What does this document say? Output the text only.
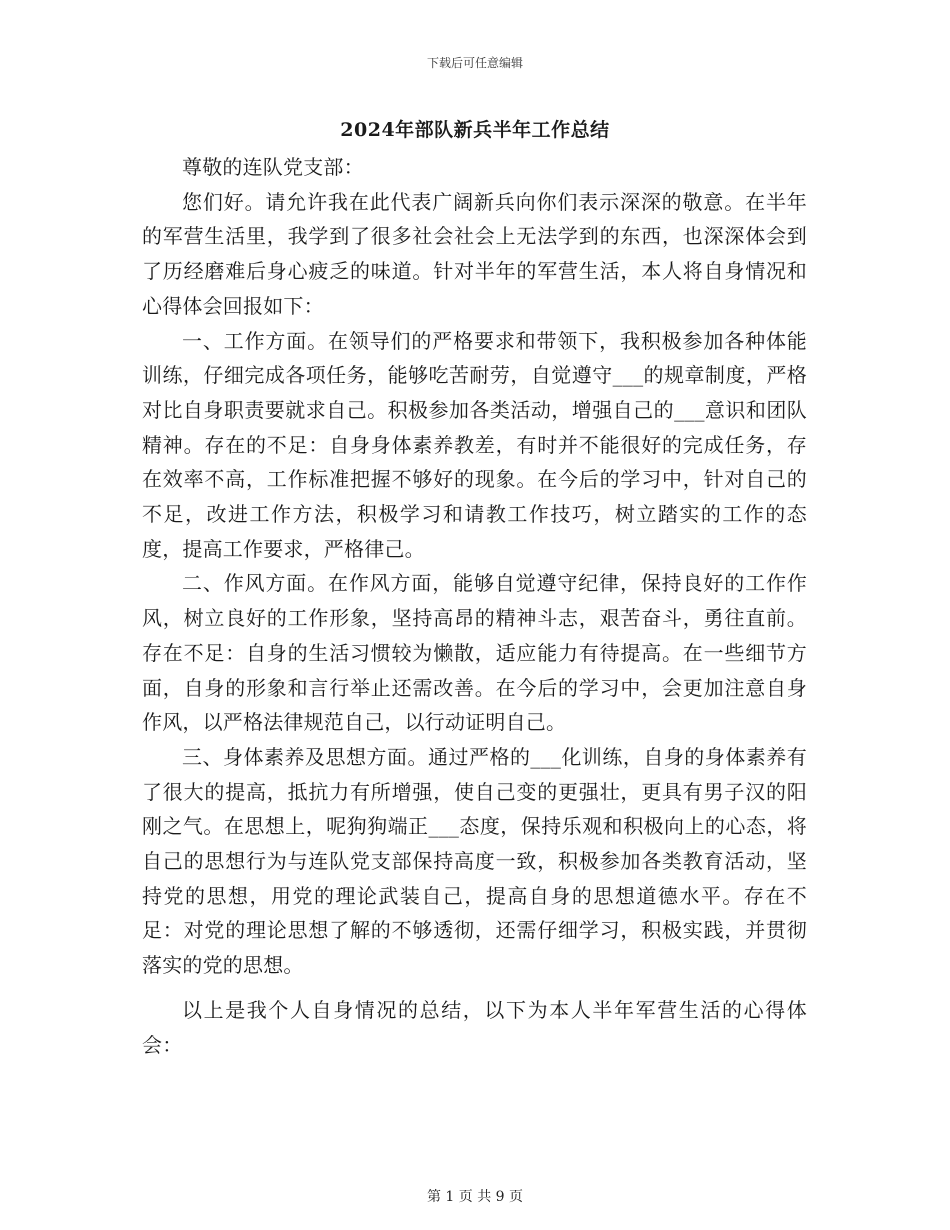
下载后可任意编辑
2024年部队新兵半年工作总结

尊敬的连队党支部：

您们好。请允许我在此代表广阔新兵向你们表示深深的敬意。在半年的军营生活里，我学到了很多社会社会上无法学到的东西，也深深体会到了历经磨难后身心疲乏的味道。针对半年的军营生活，本人将自身情况和心得体会回报如下：

一、工作方面。在领导们的严格要求和带领下，我积极参加各种体能训练，仔细完成各项任务，能够吃苦耐劳，自觉遵守___的规章制度，严格对比自身职责要就求自己。积极参加各类活动，增强自己的___意识和团队精神。存在的不足：自身身体素养教差，有时并不能很好的完成任务，存在效率不高，工作标准把握不够好的现象。在今后的学习中，针对自己的不足，改进工作方法，积极学习和请教工作技巧，树立踏实的工作的态度，提高工作要求，严格律己。

二、作风方面。在作风方面，能够自觉遵守纪律，保持良好的工作作风，树立良好的工作形象，坚持高昂的精神斗志，艰苦奋斗，勇往直前。存在不足：自身的生活习惯较为懒散，适应能力有待提高。在一些细节方面，自身的形象和言行举止还需改善。在今后的学习中，会更加注意自身作风，以严格法律规范自己，以行动证明自己。

三、身体素养及思想方面。通过严格的___化训练，自身的身体素养有了很大的提高，抵抗力有所增强，使自己变的更强壮，更具有男子汉的阳刚之气。在思想上，呢狗狗端正___态度，保持乐观和积极向上的心态，将自己的思想行为与连队党支部保持高度一致，积极参加各类教育活动，坚持党的思想，用党的理论武装自己，提高自身的思想道德水平。存在不足：对党的理论思想了解的不够透彻，还需仔细学习，积极实践，并贯彻落实的党的思想。

以上是我个人自身情况的总结，以下为本人半年军营生活的心得体会：

第 1 页 共 9 页
